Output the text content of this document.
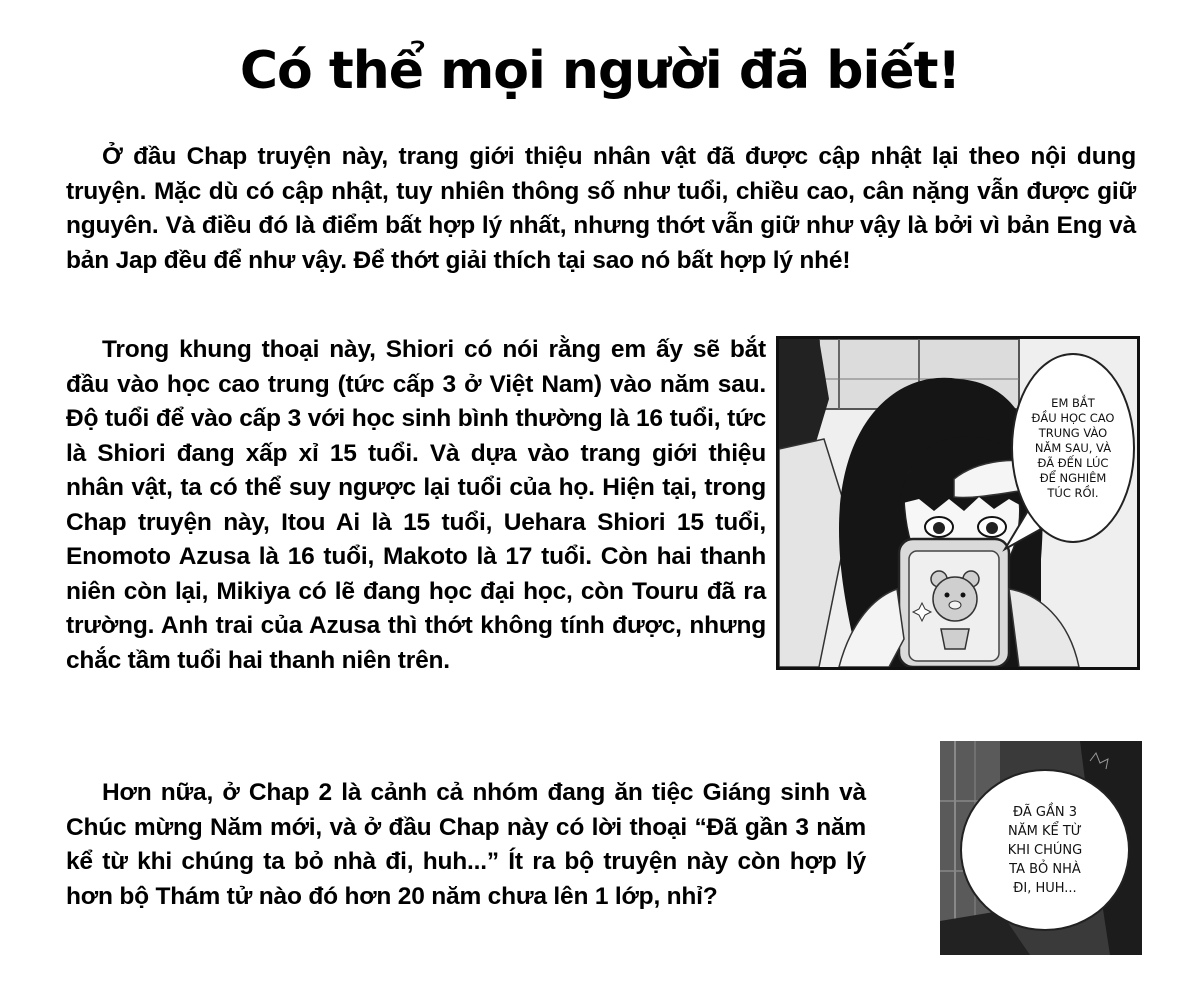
Có thể mọi người đã biết!

Ở đầu Chap truyện này, trang giới thiệu nhân vật đã được cập nhật lại theo nội dung truyện. Mặc dù có cập nhật, tuy nhiên thông số như tuổi, chiều cao, cân nặng vẫn được giữ nguyên. Và điều đó là điểm bất hợp lý nhất, nhưng thớt vẫn giữ như vậy là bởi vì bản Eng và bản Jap đều để như vậy. Để thớt giải thích tại sao nó bất hợp lý nhé!

Trong khung thoại này, Shiori có nói rằng em ấy sẽ bắt đầu vào học cao trung (tức cấp 3 ở Việt Nam) vào năm sau. Độ tuổi để vào cấp 3 với học sinh bình thường là 16 tuổi, tức là Shiori đang xấp xỉ 15 tuổi. Và dựa vào trang giới thiệu nhân vật, ta có thể suy ngược lại tuổi của họ. Hiện tại, trong Chap truyện này, Itou Ai là 15 tuổi, Uehara Shiori 15 tuổi, Enomoto Azusa là 16 tuổi, Makoto là 17 tuổi. Còn hai thanh niên còn lại, Mikiya có lẽ đang học đại học, còn Touru đã ra trường. Anh trai của Azusa thì thớt không tính được, nhưng chắc tầm tuổi hai thanh niên trên.

Hơn nữa, ở Chap 2 là cảnh cả nhóm đang ăn tiệc Giáng sinh và Chúc mừng Năm mới, và ở đầu Chap này có lời thoại “Đã gần 3 năm kể từ khi chúng ta bỏ nhà đi, huh...” Ít ra bộ truyện này còn hợp lý hơn bộ Thám tử nào đó hơn 20 năm chưa lên 1 lớp, nhỉ?

EM BẮT
ĐẦU HỌC CAO
TRUNG VÀO
NĂM SAU, VÀ
ĐÃ ĐẾN LÚC
ĐỂ NGHIÊM
TÚC RỒI.
ĐÃ GẦN 3
NĂM KỂ TỪ
KHI CHÚNG
TA BỎ NHÀ
ĐI, HUH...
